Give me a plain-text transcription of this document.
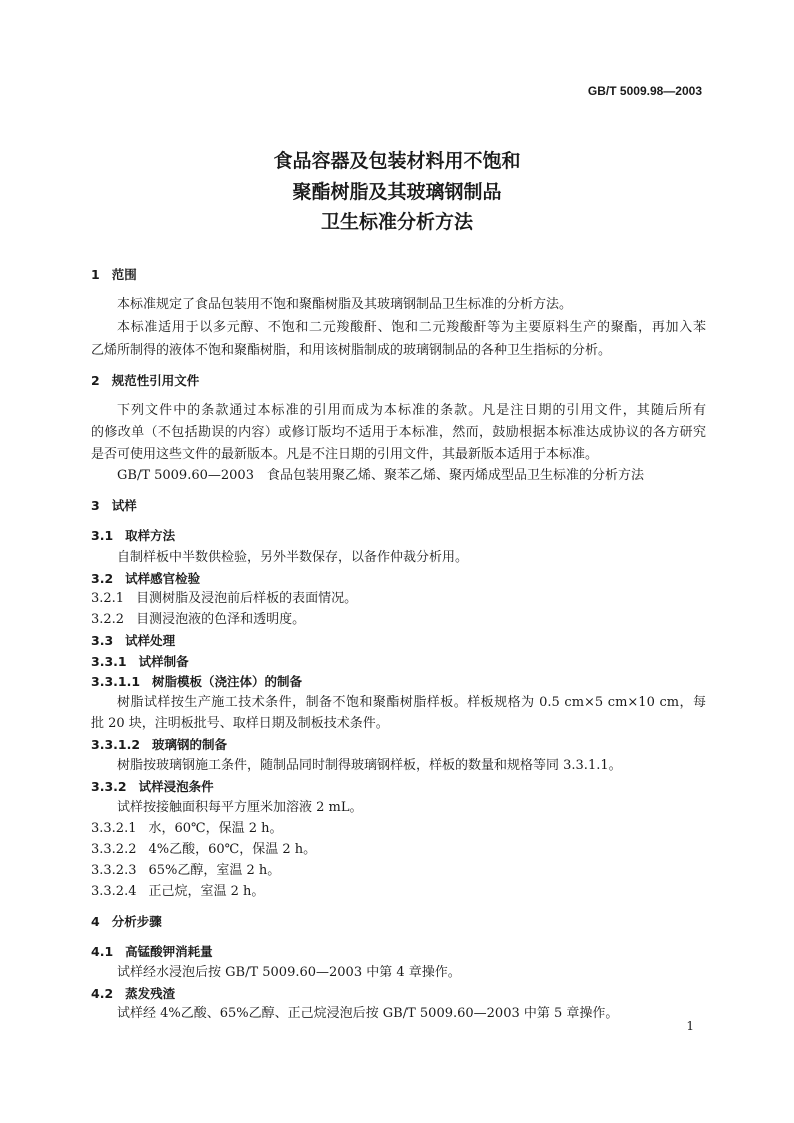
GB/T 5009.98—2003
食品容器及包装材料用不饱和
聚酯树脂及其玻璃钢制品
卫生标准分析方法
1 范围
本标准规定了食品包装用不饱和聚酯树脂及其玻璃钢制品卫生标准的分析方法。
本标准适用于以多元醇、不饱和二元羧酸酐、饱和二元羧酸酐等为主要原料生产的聚酯，再加入苯
乙烯所制得的液体不饱和聚酯树脂，和用该树脂制成的玻璃钢制品的各种卫生指标的分析。
2 规范性引用文件
下列文件中的条款通过本标准的引用而成为本标准的条款。凡是注日期的引用文件，其随后所有
的修改单（不包括勘误的内容）或修订版均不适用于本标准，然而，鼓励根据本标准达成协议的各方研究
是否可使用这些文件的最新版本。凡是不注日期的引用文件，其最新版本适用于本标准。
GB/T 5009.60—2003　食品包装用聚乙烯、聚苯乙烯、聚丙烯成型品卫生标准的分析方法
3 试样
3.1 取样方法
自制样板中半数供检验，另外半数保存，以备作仲裁分析用。
3.2 试样感官检验
3.2.1 目测树脂及浸泡前后样板的表面情况。
3.2.2 目测浸泡液的色泽和透明度。
3.3 试样处理
3.3.1 试样制备
3.3.1.1 树脂模板（浇注体）的制备
树脂试样按生产施工技术条件，制备不饱和聚酯树脂样板。样板规格为 0.5 cm×5 cm×10 cm，每
批 20 块，注明板批号、取样日期及制板技术条件。
3.3.1.2 玻璃钢的制备
树脂按玻璃钢施工条件，随制品同时制得玻璃钢样板，样板的数量和规格等同 3.3.1.1。
3.3.2 试样浸泡条件
试样按接触面积每平方厘米加溶液 2 mL。
3.3.2.1 水，60℃，保温 2 h。
3.3.2.2 4%乙酸，60℃，保温 2 h。
3.3.2.3 65%乙醇，室温 2 h。
3.3.2.4 正己烷，室温 2 h。
4 分析步骤
4.1 高锰酸钾消耗量
试样经水浸泡后按 GB/T 5009.60—2003 中第 4 章操作。
4.2 蒸发残渣
试样经 4%乙酸、65%乙醇、正己烷浸泡后按 GB/T 5009.60—2003 中第 5 章操作。
1
